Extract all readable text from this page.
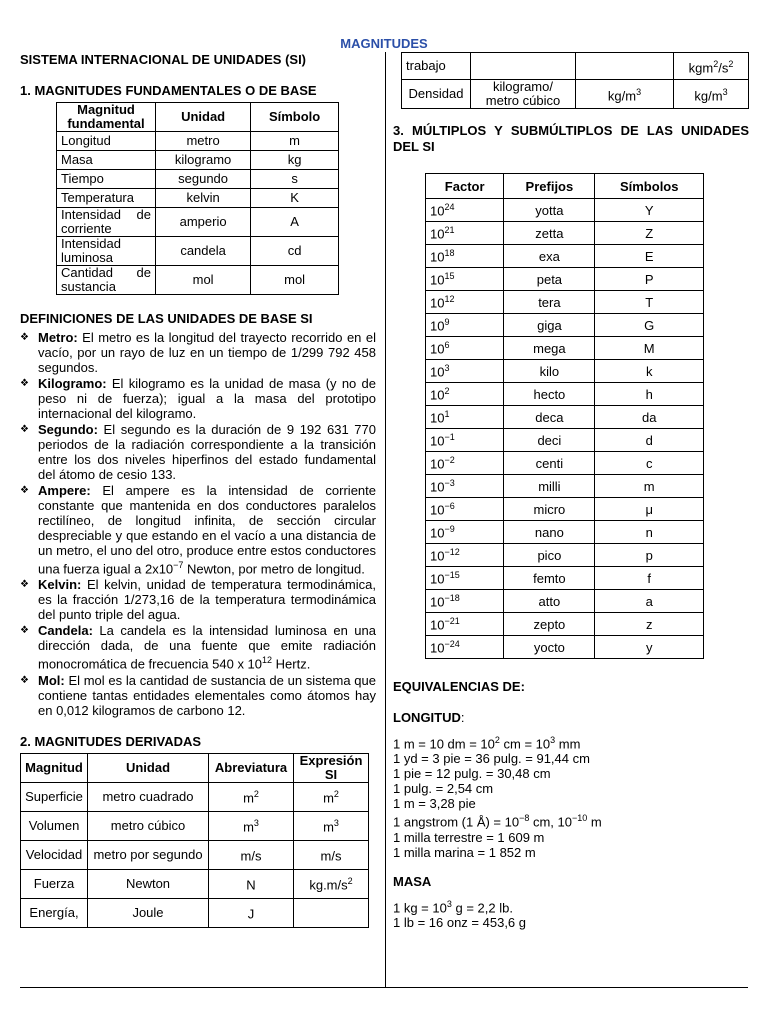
MAGNITUDES
SISTEMA INTERNACIONAL DE UNIDADES (SI)
1. MAGNITUDES FUNDAMENTALES O DE BASE
Magnitud fundamental	Unidad	Símbolo
Longitud	metro	m
Masa	kilogramo	kg
Tiempo	segundo	s
Temperatura	kelvin	K
Intensidad de corriente	amperio	A
Intensidad luminosa	candela	cd
Cantidad de sustancia	mol	mol
DEFINICIONES DE LAS UNIDADES DE BASE SI
❖ Metro: El metro es la longitud del trayecto recorrido en el vacío, por un rayo de luz en un tiempo de 1/299 792 458 segundos.
❖ Kilogramo: El kilogramo es la unidad de masa (y no de peso ni de fuerza); igual a la masa del prototipo internacional del kilogramo.
❖ Segundo: El segundo es la duración de 9 192 631 770 periodos de la radiación correspondiente a la transición entre los dos niveles hiperfinos del estado fundamental del átomo de cesio 133.
❖ Ampere: El ampere es la intensidad de corriente constante que mantenida en dos conductores paralelos rectilíneo, de longitud infinita, de sección circular despreciable y que estando en el vacío a una distancia de un metro, el uno del otro, produce entre estos conductores una fuerza igual a $2x10^{-7}$ Newton, por metro de longitud.
❖ Kelvin: El kelvin, unidad de temperatura termodinámica, es la fracción 1/273,16 de la temperatura termodinámica del punto triple del agua.
❖ Candela: La candela es la intensidad luminosa en una dirección dada, de una fuente que emite radiación monocromática de frecuencia 540 x $10^{12}$ Hertz.
❖ Mol: El mol es la cantidad de sustancia de un sistema que contiene tantas entidades elementales como átomos hay en 0,012 kilogramos de carbono 12.
2. MAGNITUDES DERIVADAS
Magnitud	Unidad	Abreviatura	Expresión SI
Superficie	metro cuadrado	$m^2$	$m^2$
Volumen	metro cúbico	$m^3$	$m^3$
Velocidad	metro por segundo	m/s	m/s
Fuerza	Newton	N	$kg.m/s^2$
Energía,	Joule	J	
trabajo			$kgm^2/s^2$
Densidad	kilogramo/ metro cúbico	$kg/m^3$	$kg/m^3$
3. MÚLTIPLOS Y SUBMÚLTIPLOS DE LAS UNIDADES DEL SI
Factor	Prefijos	Símbolos
$10^{24}$	yotta	Y
$10^{21}$	zetta	Z
$10^{18}$	exa	E
$10^{15}$	peta	P
$10^{12}$	tera	T
$10^9$	giga	G
$10^6$	mega	M
$10^3$	kilo	k
$10^2$	hecto	h
$10^1$	deca	da
$10^{-1}$	deci	d
$10^{-2}$	centi	c
$10^{-3}$	milli	m
$10^{-6}$	micro	μ
$10^{-9}$	nano	n
$10^{-12}$	pico	p
$10^{-15}$	femto	f
$10^{-18}$	atto	a
$10^{-21}$	zepto	z
$10^{-24}$	yocto	y
EQUIVALENCIAS DE:

LONGITUD:

1 m = 10 dm = $10^2$ cm = $10^3$ mm

1 yd = 3 pie = 36 pulg. = 91,44 cm

1 pie = 12 pulg. = 30,48 cm

1 pulg. = 2,54 cm

1 m = 3,28 pie

1 angstrom (1 Å) = $10^{-8}$ cm, $10^{-10}$ m

1 milla terrestre = 1 609 m

1 milla marina = 1 852 m

MASA

1 kg = $10^3$ g = 2,2 lb.

1 lb = 16 onz = 453,6 g
